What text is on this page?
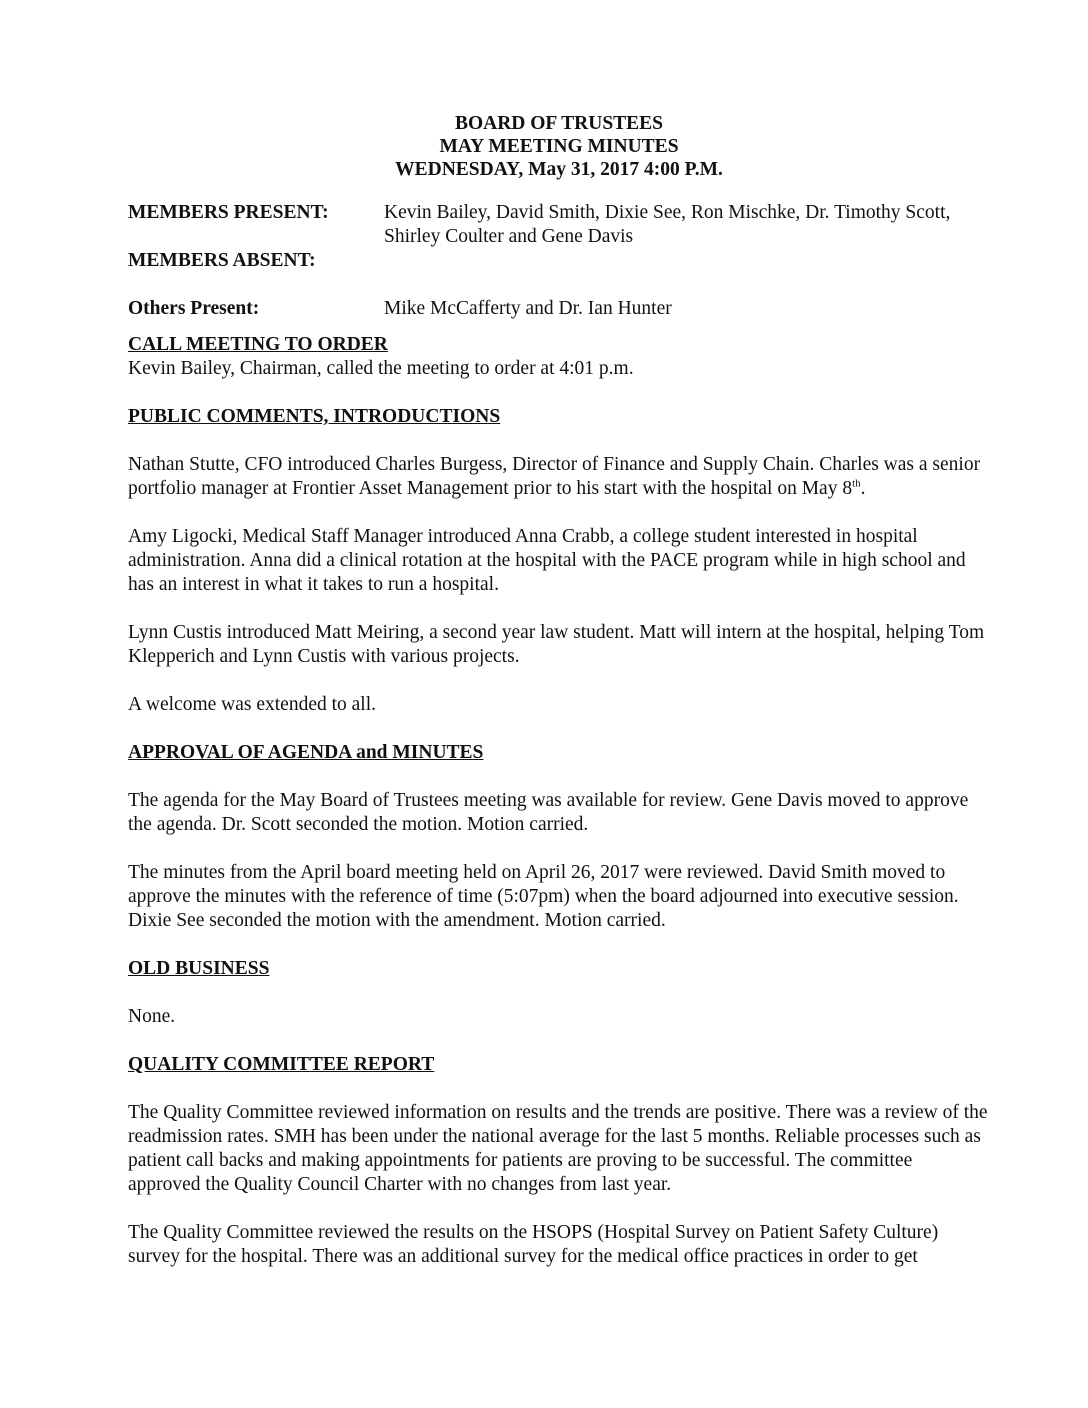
BOARD OF TRUSTEES
MAY MEETING MINUTES
WEDNESDAY, May 31, 2017 4:00 P.M.
MEMBERS PRESENT:	Kevin Bailey, David Smith, Dixie See, Ron Mischke, Dr. Timothy Scott, Shirley Coulter and Gene Davis
MEMBERS ABSENT:
Others Present:	Mike McCafferty and Dr. Ian Hunter
CALL MEETING TO ORDER

Kevin Bailey, Chairman, called the meeting to order at 4:01 p.m.

PUBLIC COMMENTS, INTRODUCTIONS

Nathan Stutte, CFO introduced Charles Burgess, Director of Finance and Supply Chain. Charles was a senior portfolio manager at Frontier Asset Management prior to his start with the hospital on May 8th.

Amy Ligocki, Medical Staff Manager introduced Anna Crabb, a college student interested in hospital administration. Anna did a clinical rotation at the hospital with the PACE program while in high school and has an interest in what it takes to run a hospital.

Lynn Custis introduced Matt Meiring, a second year law student. Matt will intern at the hospital, helping Tom Klepperich and Lynn Custis with various projects.

A welcome was extended to all.

APPROVAL OF AGENDA and MINUTES

The agenda for the May Board of Trustees meeting was available for review. Gene Davis moved to approve the agenda. Dr. Scott seconded the motion. Motion carried.

The minutes from the April board meeting held on April 26, 2017 were reviewed. David Smith moved to approve the minutes with the reference of time (5:07pm) when the board adjourned into executive session. Dixie See seconded the motion with the amendment. Motion carried.

OLD BUSINESS

None.

QUALITY COMMITTEE REPORT

The Quality Committee reviewed information on results and the trends are positive. There was a review of the readmission rates. SMH has been under the national average for the last 5 months. Reliable processes such as patient call backs and making appointments for patients are proving to be successful. The committee approved the Quality Council Charter with no changes from last year.

The Quality Committee reviewed the results on the HSOPS (Hospital Survey on Patient Safety Culture) survey for the hospital. There was an additional survey for the medical office practices in order to get
